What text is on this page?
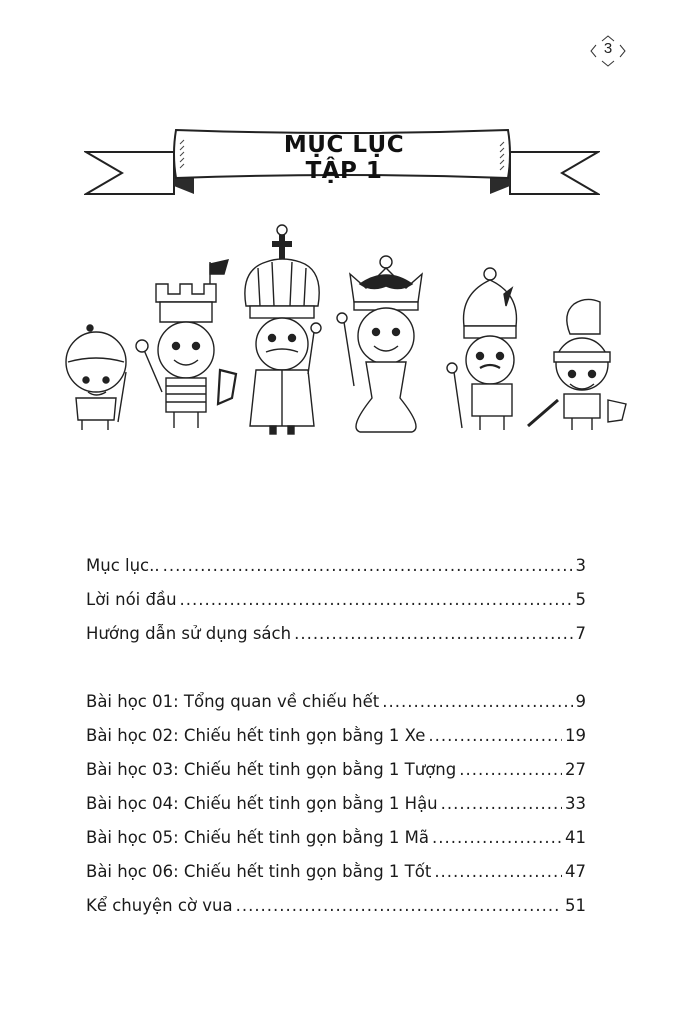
3
MỤC LỤC TẬP 1
Mục lục.. .....	3
Lời nói đầu .....	5
Hướng dẫn sử dụng sách .....	7
Bài học 01: Tổng quan về chiếu hết .....	9
Bài học 02: Chiếu hết tinh gọn bằng 1 Xe .....	19
Bài học 03: Chiếu hết tinh gọn bằng 1 Tượng .....	27
Bài học 04: Chiếu hết tinh gọn bằng 1 Hậu .....	33
Bài học 05: Chiếu hết tinh gọn bằng 1 Mã .....	41
Bài học 06: Chiếu hết tinh gọn bằng 1 Tốt .....	47
Kể chuyện cờ vua .....	51
